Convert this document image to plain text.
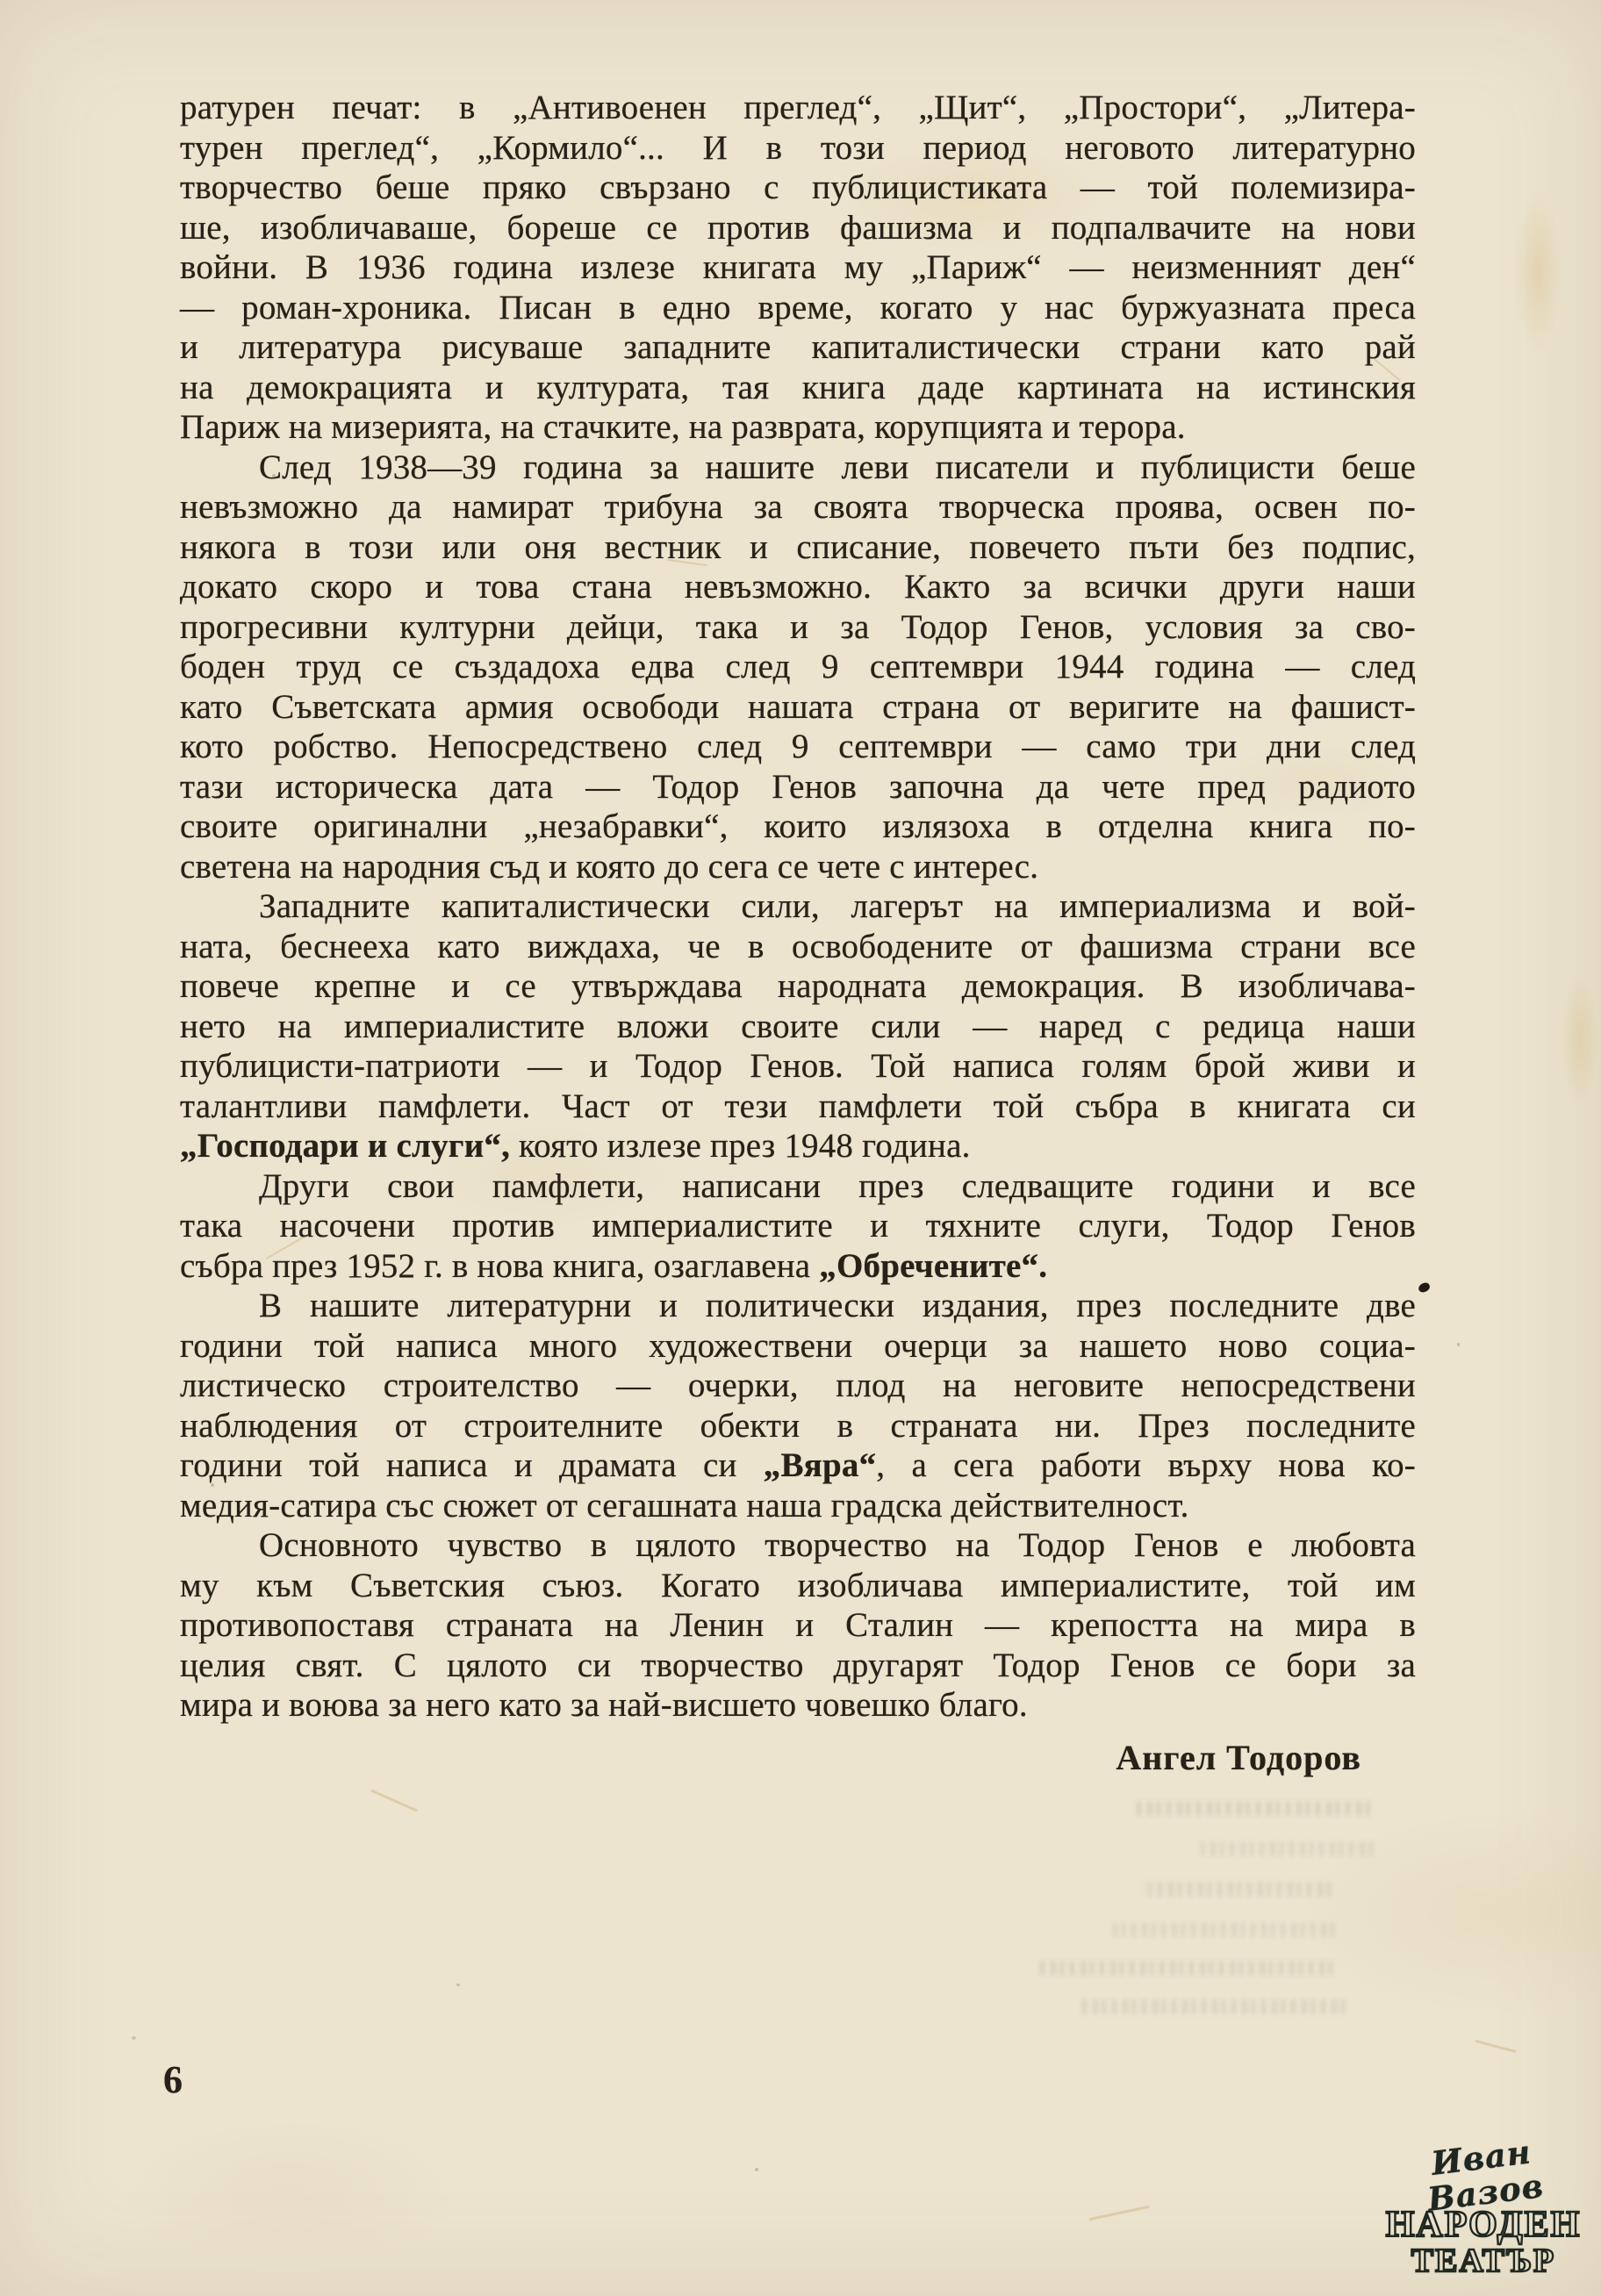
ратурен печат: в „Антивоенен преглед“, „Щит“, „Простори“, „Литера-
турен преглед“, „Кормило“... И в този период неговото литературно
творчество беше пряко свързано с публицистиката — той полемизира-
ше, изобличаваше, бореше се против фашизма и подпалвачите на нови
войни. В 1936 година излезе книгата му „Париж“ — неизменният ден“
— роман-хроника. Писан в едно време, когато у нас буржуазната преса
и литература рисуваше западните капиталистически страни като рай
на демокрацията и културата, тая книга даде картината на истинския
Париж на мизерията, на стачките, на разврата, корупцията и терора.
След 1938—39 година за нашите леви писатели и публицисти беше
невъзможно да намират трибуна за своята творческа проява, освен по-
някога в този или оня вестник и списание, повечето пъти без подпис,
докато скоро и това стана невъзможно. Както за всички други наши
прогресивни културни дейци, така и за Тодор Генов, условия за сво-
боден труд се създадоха едва след 9 септември 1944 година — след
като Съветската армия освободи нашата страна от веригите на фашист-
кото робство. Непосредствено след 9 септември — само три дни след
тази историческа дата — Тодор Генов започна да чете пред радиото
своите оригинални „незабравки“, които излязоха в отделна книга по-
светена на народния съд и която до сега се чете с интерес.
Западните капиталистически сили, лагерът на империализма и вой-
ната, беснееха като виждаха, че в освободените от фашизма страни все
повече крепне и се утвърждава народната демокрация. В изобличава-
нето на империалистите вложи своите сили — наред с редица наши
публицисти-патриоти — и Тодор Генов. Той написа голям брой живи и
талантливи памфлети. Част от тези памфлети той събра в книгата си
„Господари и слуги“, която излезе през 1948 година.
Други свои памфлети, написани през следващите години и все
така насочени против империалистите и тяхните слуги, Тодор Генов
събра през 1952 г. в нова книга, озаглавена „Обречените“.
В нашите литературни и политически издания, през последните две
години той написа много художествени очерци за нашето ново социа-
листическо строителство — очерки, плод на неговите непосредствени
наблюдения от строителните обекти в страната ни. През последните
години той написа и драмата си „Вяра“, а сега работи върху нова ко-
медия-сатира със сюжет от сегашната наша градска действителност.
Основното чувство в цялото творчество на Тодор Генов е любовта
му към Съветския съюз. Когато изобличава империалистите, той им
противопоставя страната на Ленин и Сталин — крепостта на мира в
целия свят. С цялото си творчество другарят Тодор Генов се бори за
мира и воюва за него като за най-висшето човешко благо.
Ангел Тодоров
6
Иван Вазов
НАРОДЕН
ТЕАТЪР
